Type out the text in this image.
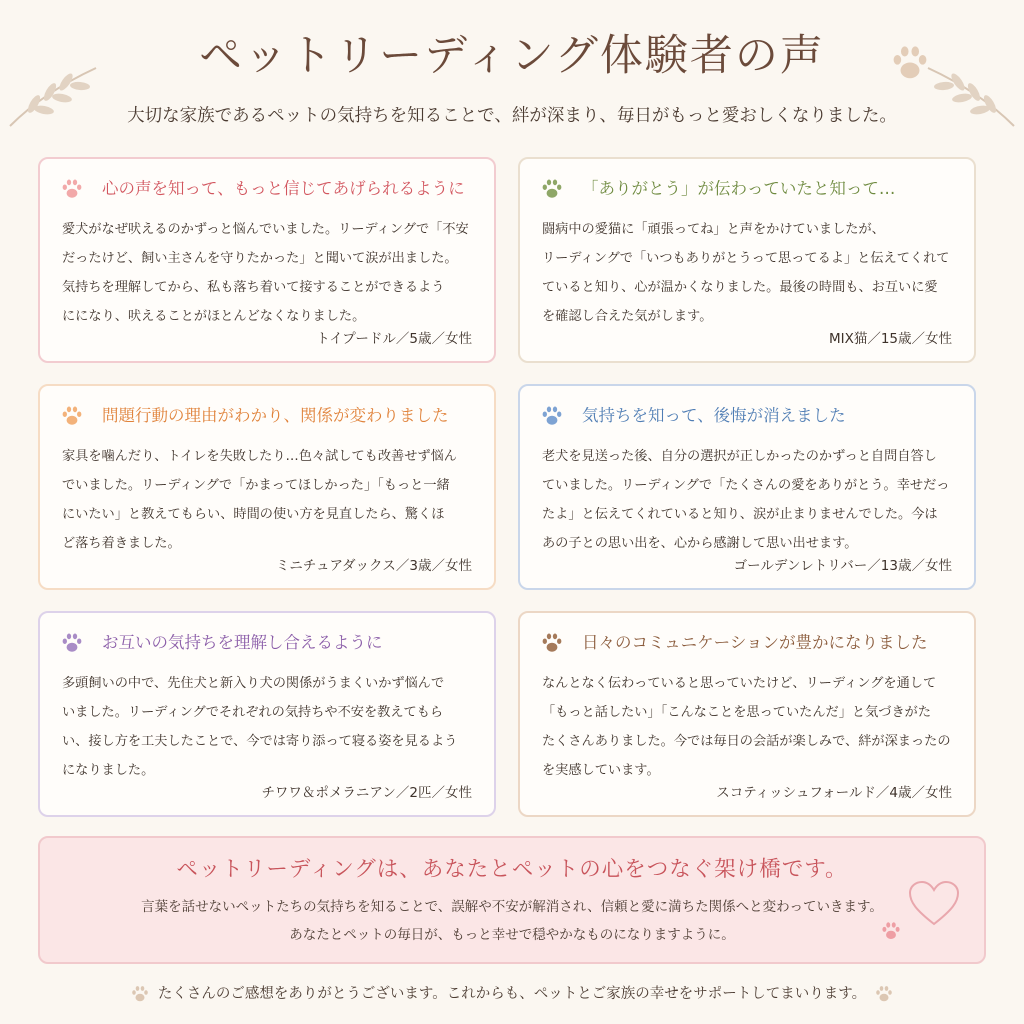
ペットリーディング体験者の声
大切な家族であるペットの気持ちを知ることで、絆が深まり、毎日がもっと愛おしくなりました。
心の声を知って、もっと信じてあげられるように
愛犬がなぜ吠えるのかずっと悩んでいました。リーディングで「不安
だったけど、飼い主さんを守りたかった」と聞いて涙が出ました。
気持ちを理解してから、私も落ち着いて接することができるよう
にになり、吠えることがほとんどなくなりました。
トイプードル／5歳／女性
「ありがとう」が伝わっていたと知って…
闘病中の愛猫に「頑張ってね」と声をかけていましたが、
リーディングで「いつもありがとうって思ってるよ」と伝えてくれて
ていると知り、心が温かくなりました。最後の時間も、お互いに愛
を確認し合えた気がします。
MIX猫／15歳／女性
問題行動の理由がわかり、関係が変わりました
家具を噛んだり、トイレを失敗したり…色々試しても改善せず悩ん
でいました。リーディングで「かまってほしかった」「もっと一緒
にいたい」と教えてもらい、時間の使い方を見直したら、驚くほ
ど落ち着きました。
ミニチュアダックス／3歳／女性
気持ちを知って、後悔が消えました
老犬を見送った後、自分の選択が正しかったのかずっと自問自答し
ていました。リーディングで「たくさんの愛をありがとう。幸せだっ
たよ」と伝えてくれていると知り、涙が止まりませんでした。今は
あの子との思い出を、心から感謝して思い出せます。
ゴールデンレトリバー／13歳／女性
お互いの気持ちを理解し合えるように
多頭飼いの中で、先住犬と新入り犬の関係がうまくいかず悩んで
いました。リーディングでそれぞれの気持ちや不安を教えてもら
い、接し方を工夫したことで、今では寄り添って寝る姿を見るよう
になりました。
チワワ＆ポメラニアン／2匹／女性
日々のコミュニケーションが豊かになりました
なんとなく伝わっていると思っていたけど、リーディングを通して
「もっと話したい」「こんなことを思っていたんだ」と気づきがた
たくさんありました。今では毎日の会話が楽しみで、絆が深まったの
を実感しています。
スコティッシュフォールド／4歳／女性
ペットリーディングは、あなたとペットの心をつなぐ架け橋です。
言葉を話せないペットたちの気持ちを知ることで、誤解や不安が解消され、信頼と愛に満ちた関係へと変わっていきます。
あなたとペットの毎日が、もっと幸せで穏やかなものになりますように。
たくさんのご感想をありがとうございます。これからも、ペットとご家族の幸せをサポートしてまいります。
